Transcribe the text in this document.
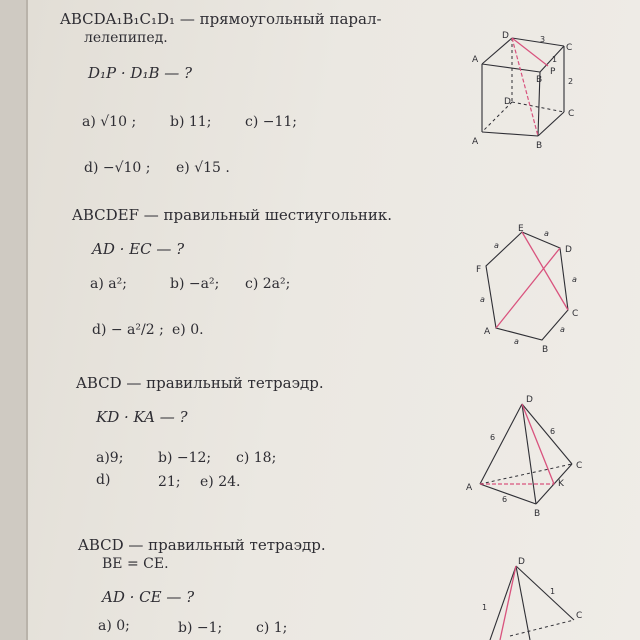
ABCDA₁B₁C₁D₁ — прямоугольный парал-
лелепипед.
D₁P · D₁B — ?
a) √10 ; b) 11; c) −11;
d) −√10 ; e) √15 .
A
D
C
B
P
D
C
A	B
3
1
2
ABCDEF — правильный шестиугольник.
AD · EC — ?
a) a²;	b) −a²; c) 2a²;
d) − a²/2 ; e) 0.
E
D
F
C
A
B
a
a
a
a
a
a
ABCD — правильный тетраэдр.
KD · KA — ?
a)9; b) −12; c) 18;
d)	21; e) 24.
D
A
B
C
K
6
6
6
ABCD — правильный тетраэдр.
BE = CE.
AD · CE — ?
a) 0;	b) −1; c) 1;
D
C
1
1
